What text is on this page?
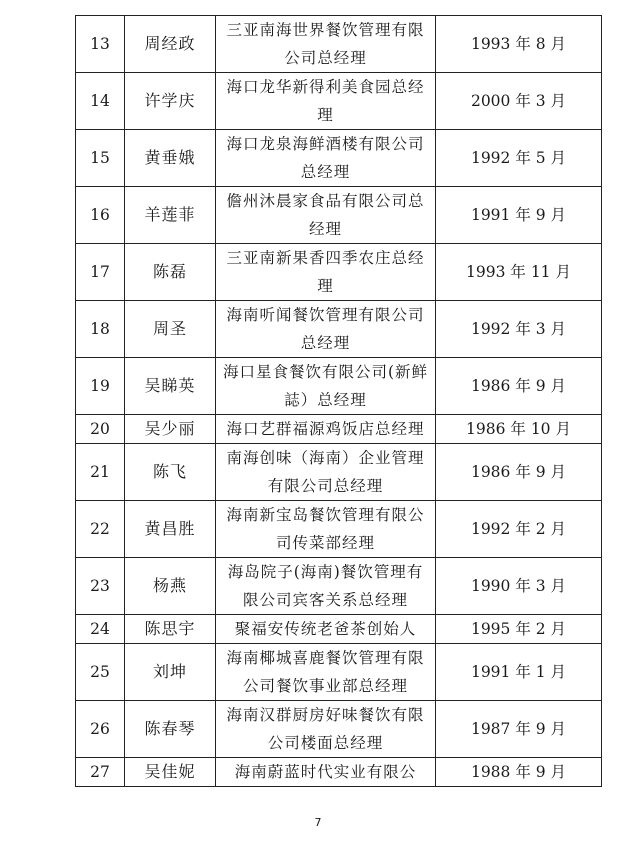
13	周经政	三亚南海世界餐饮管理有限公司总经理	1993 年 8 月
14	许学庆	海口龙华新得利美食园总经理	2000 年 3 月
15	黄垂娥	海口龙泉海鲜酒楼有限公司总经理	1992 年 5 月
16	羊莲菲	儋州沐晨家食品有限公司总经理	1991 年 9 月
17	陈磊	三亚南新果香四季农庄总经理	1993 年 11 月
18	周圣	海南听闻餐饮管理有限公司总经理	1992 年 3 月
19	吴睇英	海口星食餐饮有限公司(新鲜誌）总经理	1986 年 9 月
20	吴少丽	海口艺群福源鸡饭店总经理	1986 年 10 月
21	陈飞	南海创味（海南）企业管理有限公司总经理	1986 年 9 月
22	黄昌胜	海南新宝岛餐饮管理有限公司传菜部经理	1992 年 2 月
23	杨燕	海岛院子(海南)餐饮管理有限公司宾客关系总经理	1990 年 3 月
24	陈思宇	聚福安传统老爸茶创始人	1995 年 2 月
25	刘坤	海南椰城喜鹿餐饮管理有限公司餐饮事业部总经理	1991 年 1 月
26	陈春琴	海南汉群厨房好味餐饮有限公司楼面总经理	1987 年 9 月
27	吴佳妮	海南蔚蓝时代实业有限公	1988 年 9 月
7
